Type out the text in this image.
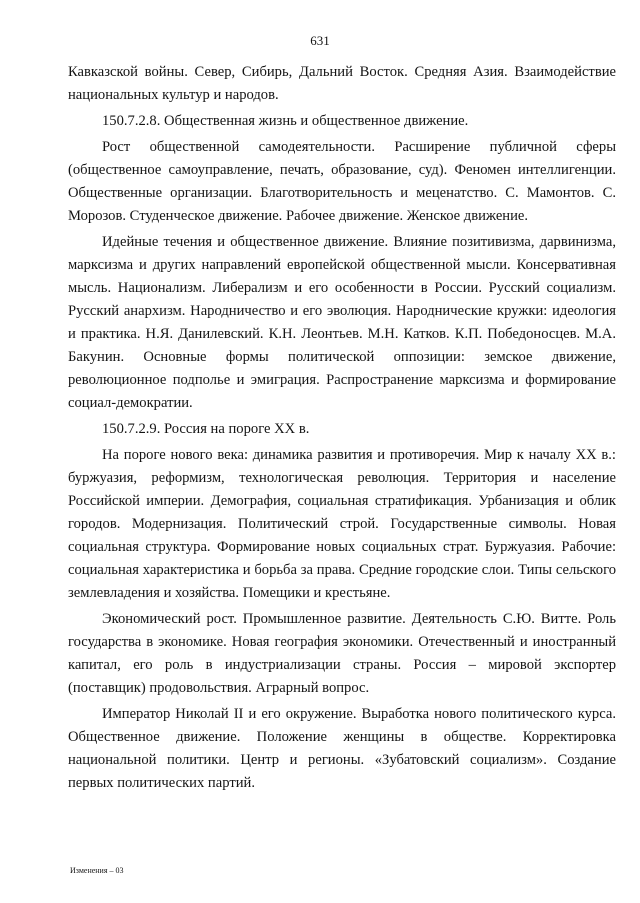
631

Кавказской войны. Север, Сибирь, Дальний Восток. Средняя Азия. Взаимодействие национальных культур и народов.

150.7.2.8. Общественная жизнь и общественное движение.

Рост общественной самодеятельности. Расширение публичной сферы (общественное самоуправление, печать, образование, суд). Феномен интеллигенции. Общественные организации. Благотворительность и меценатство. С. Мамонтов. С. Морозов. Студенческое движение. Рабочее движение. Женское движение.

Идейные течения и общественное движение. Влияние позитивизма, дарвинизма, марксизма и других направлений европейской общественной мысли. Консервативная мысль. Национализм. Либерализм и его особенности в России. Русский социализм. Русский анархизм. Народничество и его эволюция. Народнические кружки: идеология и практика. Н.Я. Данилевский. К.Н. Леонтьев. М.Н. Катков. К.П. Победоносцев. М.А. Бакунин. Основные формы политической оппозиции: земское движение, революционное подполье и эмиграция. Распространение марксизма и формирование социал-демократии.

150.7.2.9. Россия на пороге XX в.

На пороге нового века: динамика развития и противоречия. Мир к началу XX в.: буржуазия, реформизм, технологическая революция. Территория и население Российской империи. Демография, социальная стратификация. Урбанизация и облик городов. Модернизация. Политический строй. Государственные символы. Новая социальная структура. Формирование новых социальных страт. Буржуазия. Рабочие: социальная характеристика и борьба за права. Средние городские слои. Типы сельского землевладения и хозяйства. Помещики и крестьяне.

Экономический рост. Промышленное развитие. Деятельность С.Ю. Витте. Роль государства в экономике. Новая география экономики. Отечественный и иностранный капитал, его роль в индустриализации страны. Россия – мировой экспортер (поставщик) продовольствия. Аграрный вопрос.

Император Николай II и его окружение. Выработка нового политического курса. Общественное движение. Положение женщины в обществе. Корректировка национальной политики. Центр и регионы. «Зубатовский социализм». Создание первых политических партий.

Изменения – 03
